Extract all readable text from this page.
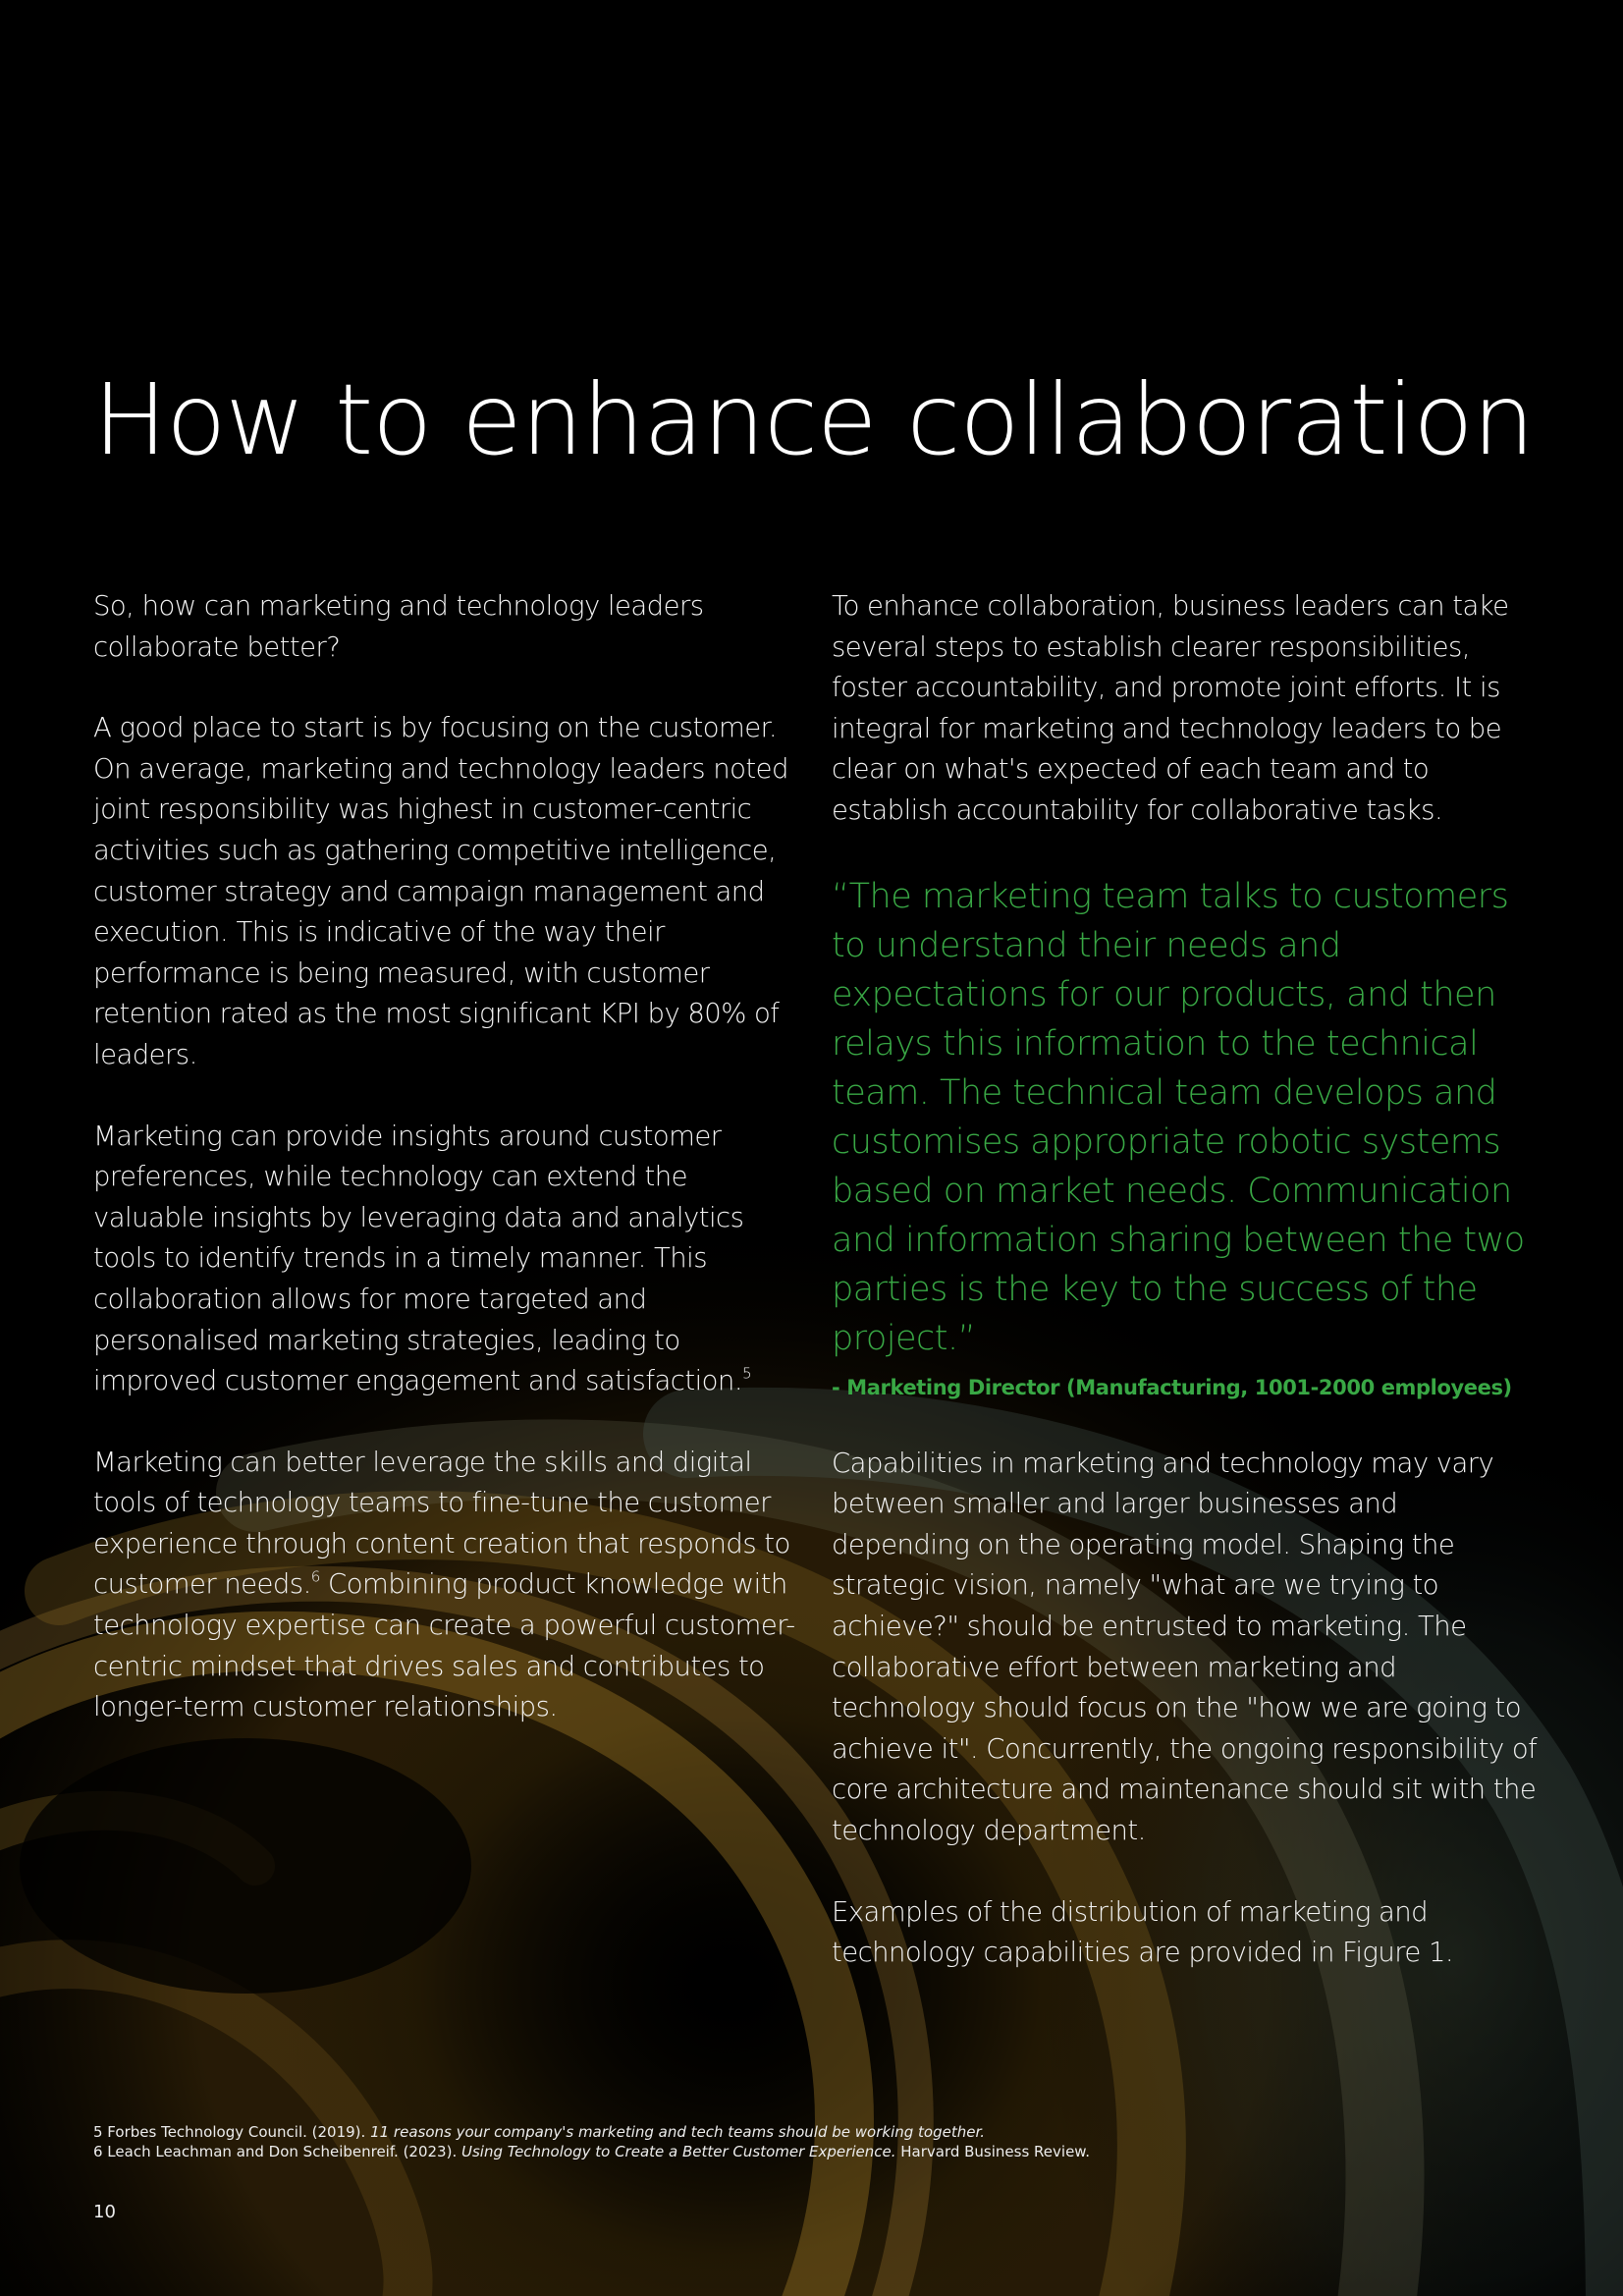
How to enhance collaboration

So, how can marketing and technology leaders collaborate better?

A good place to start is by focusing on the customer. On average, marketing and technology leaders noted joint responsibility was highest in customer-centric activities such as gathering competitive intelligence, customer strategy and campaign management and execution. This is indicative of the way their performance is being measured, with customer retention rated as the most significant KPI by 80% of leaders.

Marketing can provide insights around customer preferences, while technology can extend the valuable insights by leveraging data and analytics tools to identify trends in a timely manner. This collaboration allows for more targeted and personalised marketing strategies, leading to improved customer engagement and satisfaction.$^5$

Marketing can better leverage the skills and digital tools of technology teams to fine-tune the customer experience through content creation that responds to customer needs.$^6$ Combining product knowledge with technology expertise can create a powerful customer-centric mindset that drives sales and contributes to longer-term customer relationships.

To enhance collaboration, business leaders can take several steps to establish clearer responsibilities, foster accountability, and promote joint efforts. It is integral for marketing and technology leaders to be clear on what's expected of each team and to establish accountability for collaborative tasks.

“The marketing team talks to customers to understand their needs and expectations for our products, and then relays this information to the technical team. The technical team develops and customises appropriate robotic systems based on market needs. Communication and information sharing between the two parties is the key to the success of the project.”
- Marketing Director (Manufacturing, 1001-2000 employees)

Capabilities in marketing and technology may vary between smaller and larger businesses and depending on the operating model. Shaping the strategic vision, namely "what are we trying to achieve?" should be entrusted to marketing. The collaborative effort between marketing and technology should focus on the "how we are going to achieve it". Concurrently, the ongoing responsibility of core architecture and maintenance should sit with the technology department.

Examples of the distribution of marketing and technology capabilities are provided in Figure 1.

5 Forbes Technology Council. (2019). 11 reasons your company's marketing and tech teams should be working together.
6 Leach Leachman and Don Scheibenreif. (2023). Using Technology to Create a Better Customer Experience. Harvard Business Review.
10
